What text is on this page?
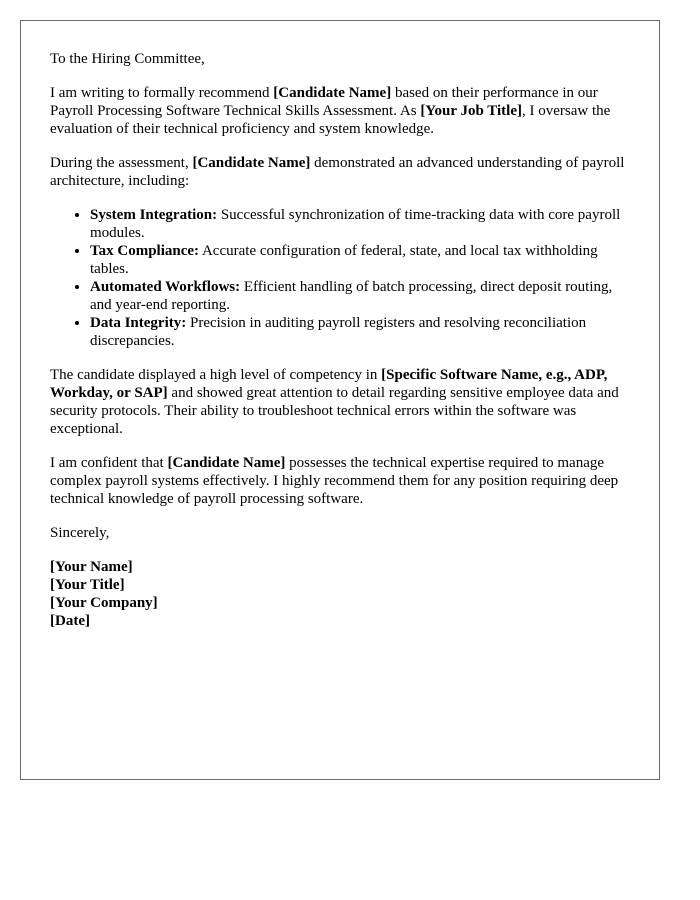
To the Hiring Committee,

I am writing to formally recommend [Candidate Name] based on their performance in our Payroll Processing Software Technical Skills Assessment. As [Your Job Title], I oversaw the evaluation of their technical proficiency and system knowledge.

During the assessment, [Candidate Name] demonstrated an advanced understanding of payroll architecture, including:

• System Integration: Successful synchronization of time-tracking data with core payroll modules.
• Tax Compliance: Accurate configuration of federal, state, and local tax withholding tables.
• Automated Workflows: Efficient handling of batch processing, direct deposit routing, and year-end reporting.
• Data Integrity: Precision in auditing payroll registers and resolving reconciliation discrepancies.

The candidate displayed a high level of competency in [Specific Software Name, e.g., ADP, Workday, or SAP] and showed great attention to detail regarding sensitive employee data and security protocols. Their ability to troubleshoot technical errors within the software was exceptional.

I am confident that [Candidate Name] possesses the technical expertise required to manage complex payroll systems effectively. I highly recommend them for any position requiring deep technical knowledge of payroll processing software.

Sincerely,

[Your Name]
[Your Title]
[Your Company]
[Date]
